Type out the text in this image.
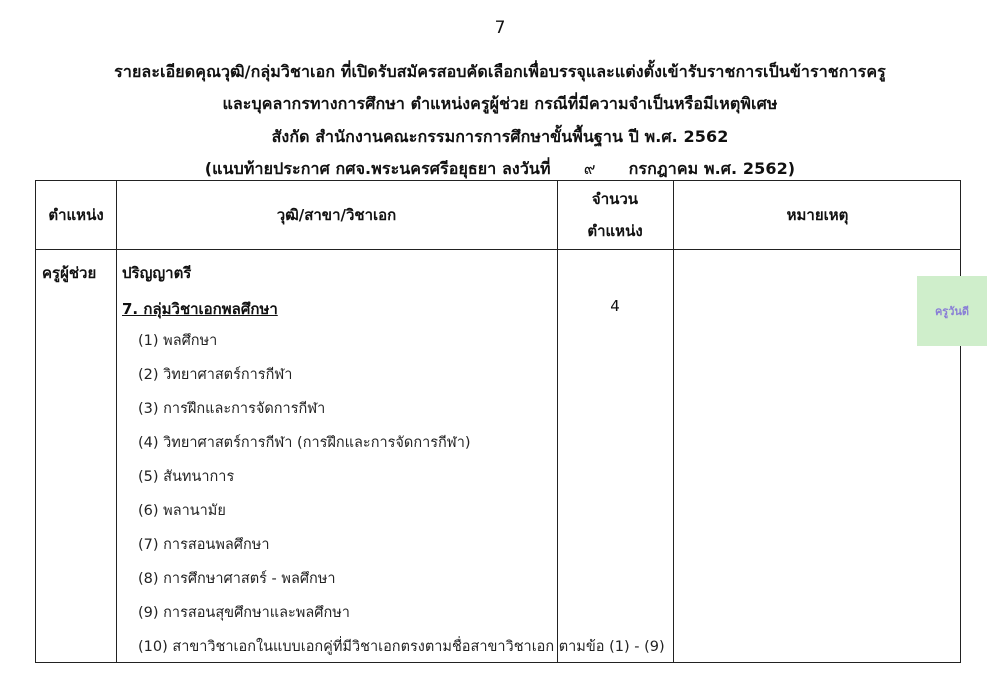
7
รายละเอียดคุณวุฒิ/กลุ่มวิชาเอก ที่เปิดรับสมัครสอบคัดเลือกเพื่อบรรจุและแต่งตั้งเข้ารับราชการเป็นข้าราชการครู
และบุคลากรทางการศึกษา ตำแหน่งครูผู้ช่วย กรณีที่มีความจำเป็นหรือมีเหตุพิเศษ
สังกัด สำนักงานคณะกรรมการการศึกษาขั้นพื้นฐาน ปี พ.ศ. 2562
(แนบท้ายประกาศ กศจ.พระนครศรีอยุธยา ลงวันที่ ๙ กรกฎาคม พ.ศ. 2562)
ตำแหน่ง	วุฒิ/สาขา/วิชาเอก
จำนวน
ตำแหน่ง
หมายเหตุ
ครูผู้ช่วย ปริญญาตรี
7. กลุ่มวิชาเอกพลศึกษา	4
(1) พลศึกษา
(2) วิทยาศาสตร์การกีฬา
(3) การฝึกและการจัดการกีฬา
(4) วิทยาศาสตร์การกีฬา (การฝึกและการจัดการกีฬา)
(5) สันทนาการ
(6) พลานามัย
(7) การสอนพลศึกษา
(8) การศึกษาศาสตร์ - พลศึกษา
(9) การสอนสุขศึกษาและพลศึกษา
(10) สาขาวิชาเอกในแบบเอกคู่ที่มีวิชาเอกตรงตามชื่อสาขาวิชาเอก ตามข้อ (1) - (9)
ครูวันดี
